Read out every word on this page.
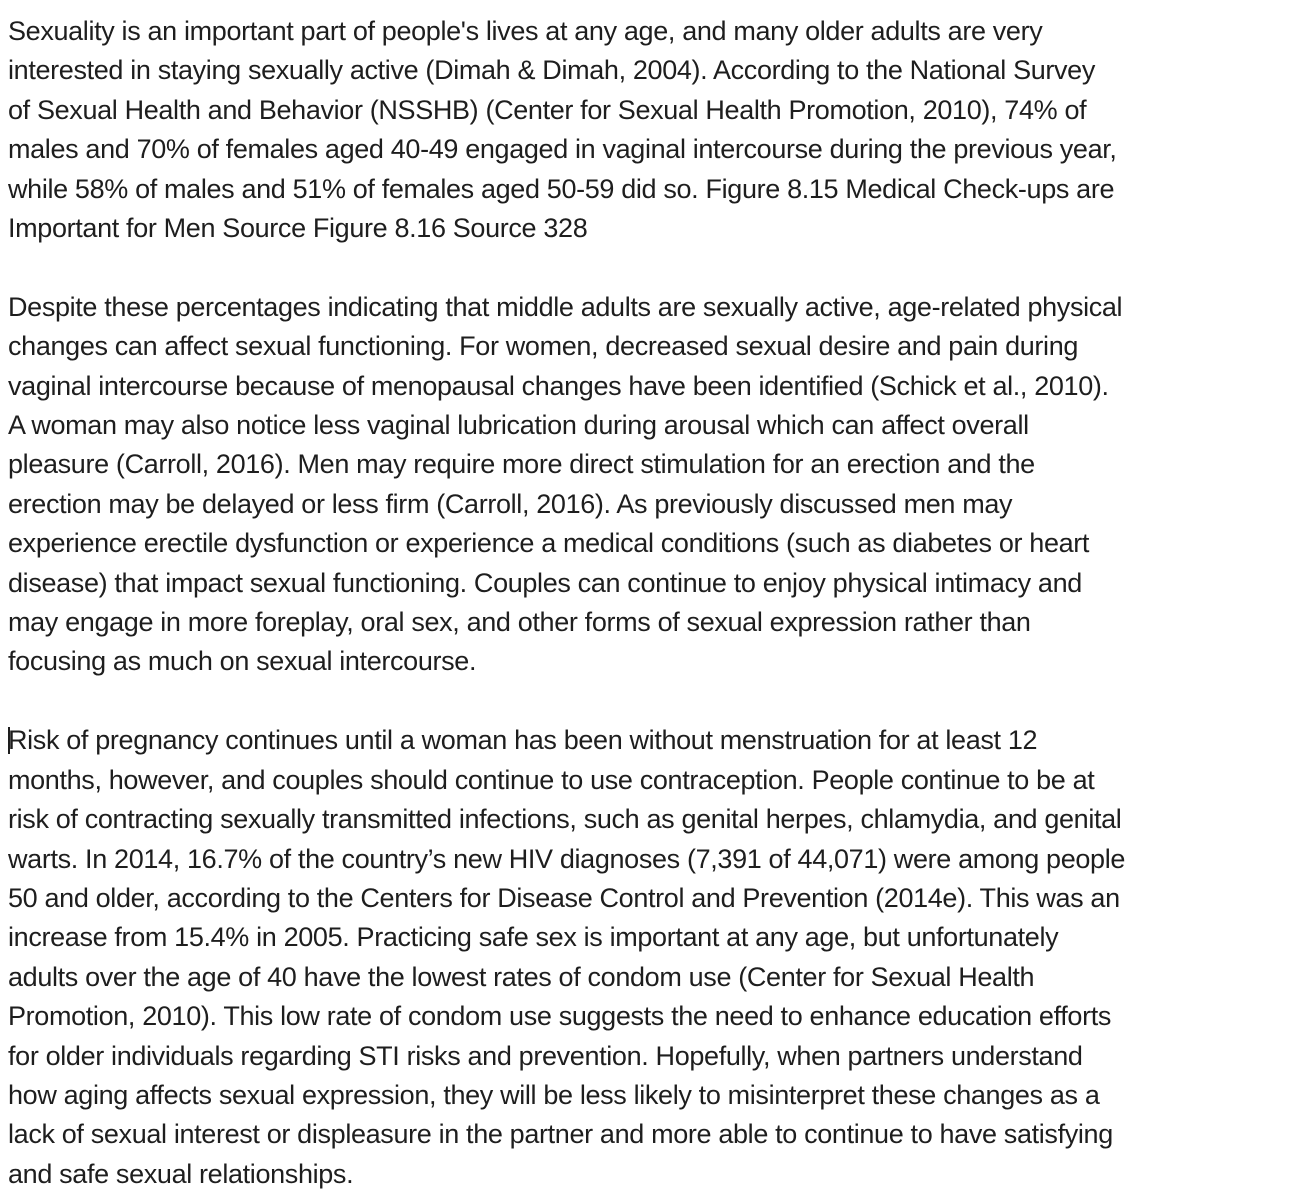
Sexuality is an important part of people's lives at any age, and many older adults are very
interested in staying sexually active (Dimah & Dimah, 2004). According to the National Survey
of Sexual Health and Behavior (NSSHB) (Center for Sexual Health Promotion, 2010), 74% of
males and 70% of females aged 40-49 engaged in vaginal intercourse during the previous year,
while 58% of males and 51% of females aged 50-59 did so. Figure 8.15 Medical Check-ups are
Important for Men Source Figure 8.16 Source 328

Despite these percentages indicating that middle adults are sexually active, age-related physical
changes can affect sexual functioning. For women, decreased sexual desire and pain during
vaginal intercourse because of menopausal changes have been identified (Schick et al., 2010).
A woman may also notice less vaginal lubrication during arousal which can affect overall
pleasure (Carroll, 2016). Men may require more direct stimulation for an erection and the
erection may be delayed or less firm (Carroll, 2016). As previously discussed men may
experience erectile dysfunction or experience a medical conditions (such as diabetes or heart
disease) that impact sexual functioning. Couples can continue to enjoy physical intimacy and
may engage in more foreplay, oral sex, and other forms of sexual expression rather than
focusing as much on sexual intercourse.

Risk of pregnancy continues until a woman has been without menstruation for at least 12
months, however, and couples should continue to use contraception. People continue to be at
risk of contracting sexually transmitted infections, such as genital herpes, chlamydia, and genital
warts. In 2014, 16.7% of the country’s new HIV diagnoses (7,391 of 44,071) were among people
50 and older, according to the Centers for Disease Control and Prevention (2014e). This was an
increase from 15.4% in 2005. Practicing safe sex is important at any age, but unfortunately
adults over the age of 40 have the lowest rates of condom use (Center for Sexual Health
Promotion, 2010). This low rate of condom use suggests the need to enhance education efforts
for older individuals regarding STI risks and prevention. Hopefully, when partners understand
how aging affects sexual expression, they will be less likely to misinterpret these changes as a
lack of sexual interest or displeasure in the partner and more able to continue to have satisfying
and safe sexual relationships.
